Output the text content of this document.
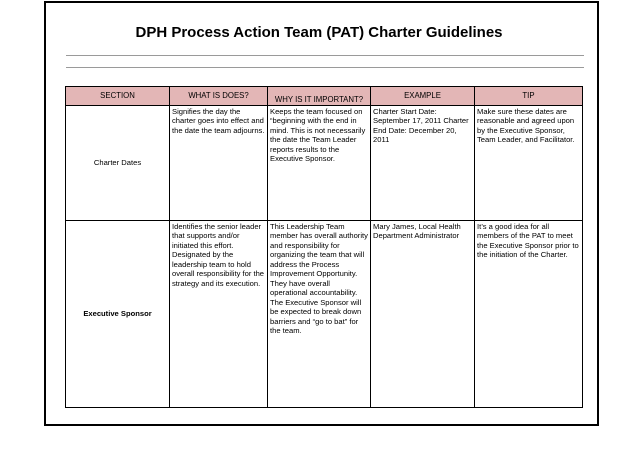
DPH Process Action Team (PAT) Charter Guidelines
SECTION	WHAT IS DOES?	WHY IS IT IMPORTANT?	EXAMPLE	TIP
Charter Dates	Signifies the day the charter goes into effect and the date the team adjourns.	Keeps the team focused on “beginning with the end in mind. This is not necessarily the date the Team Leader reports results to the Executive Sponsor.	Charter Start Date: September 17, 2011 Charter End Date: December 20, 2011	Make sure these dates are reasonable and agreed upon by the Executive Sponsor, Team Leader, and Facilitator.
Executive Sponsor	Identifies the senior leader that supports and/or initiated this effort. Designated by the leadership team to hold overall responsibility for the strategy and its execution.	This Leadership Team member has overall authority and responsibility for organizing the team that will address the Process Improvement Opportunity. They have overall operational accountability. The Executive Sponsor will be expected to break down barriers and “go to bat” for the team.	Mary James, Local Health Department Administrator	It’s a good idea for all members of the PAT to meet the Executive Sponsor prior to the initiation of the Charter.
